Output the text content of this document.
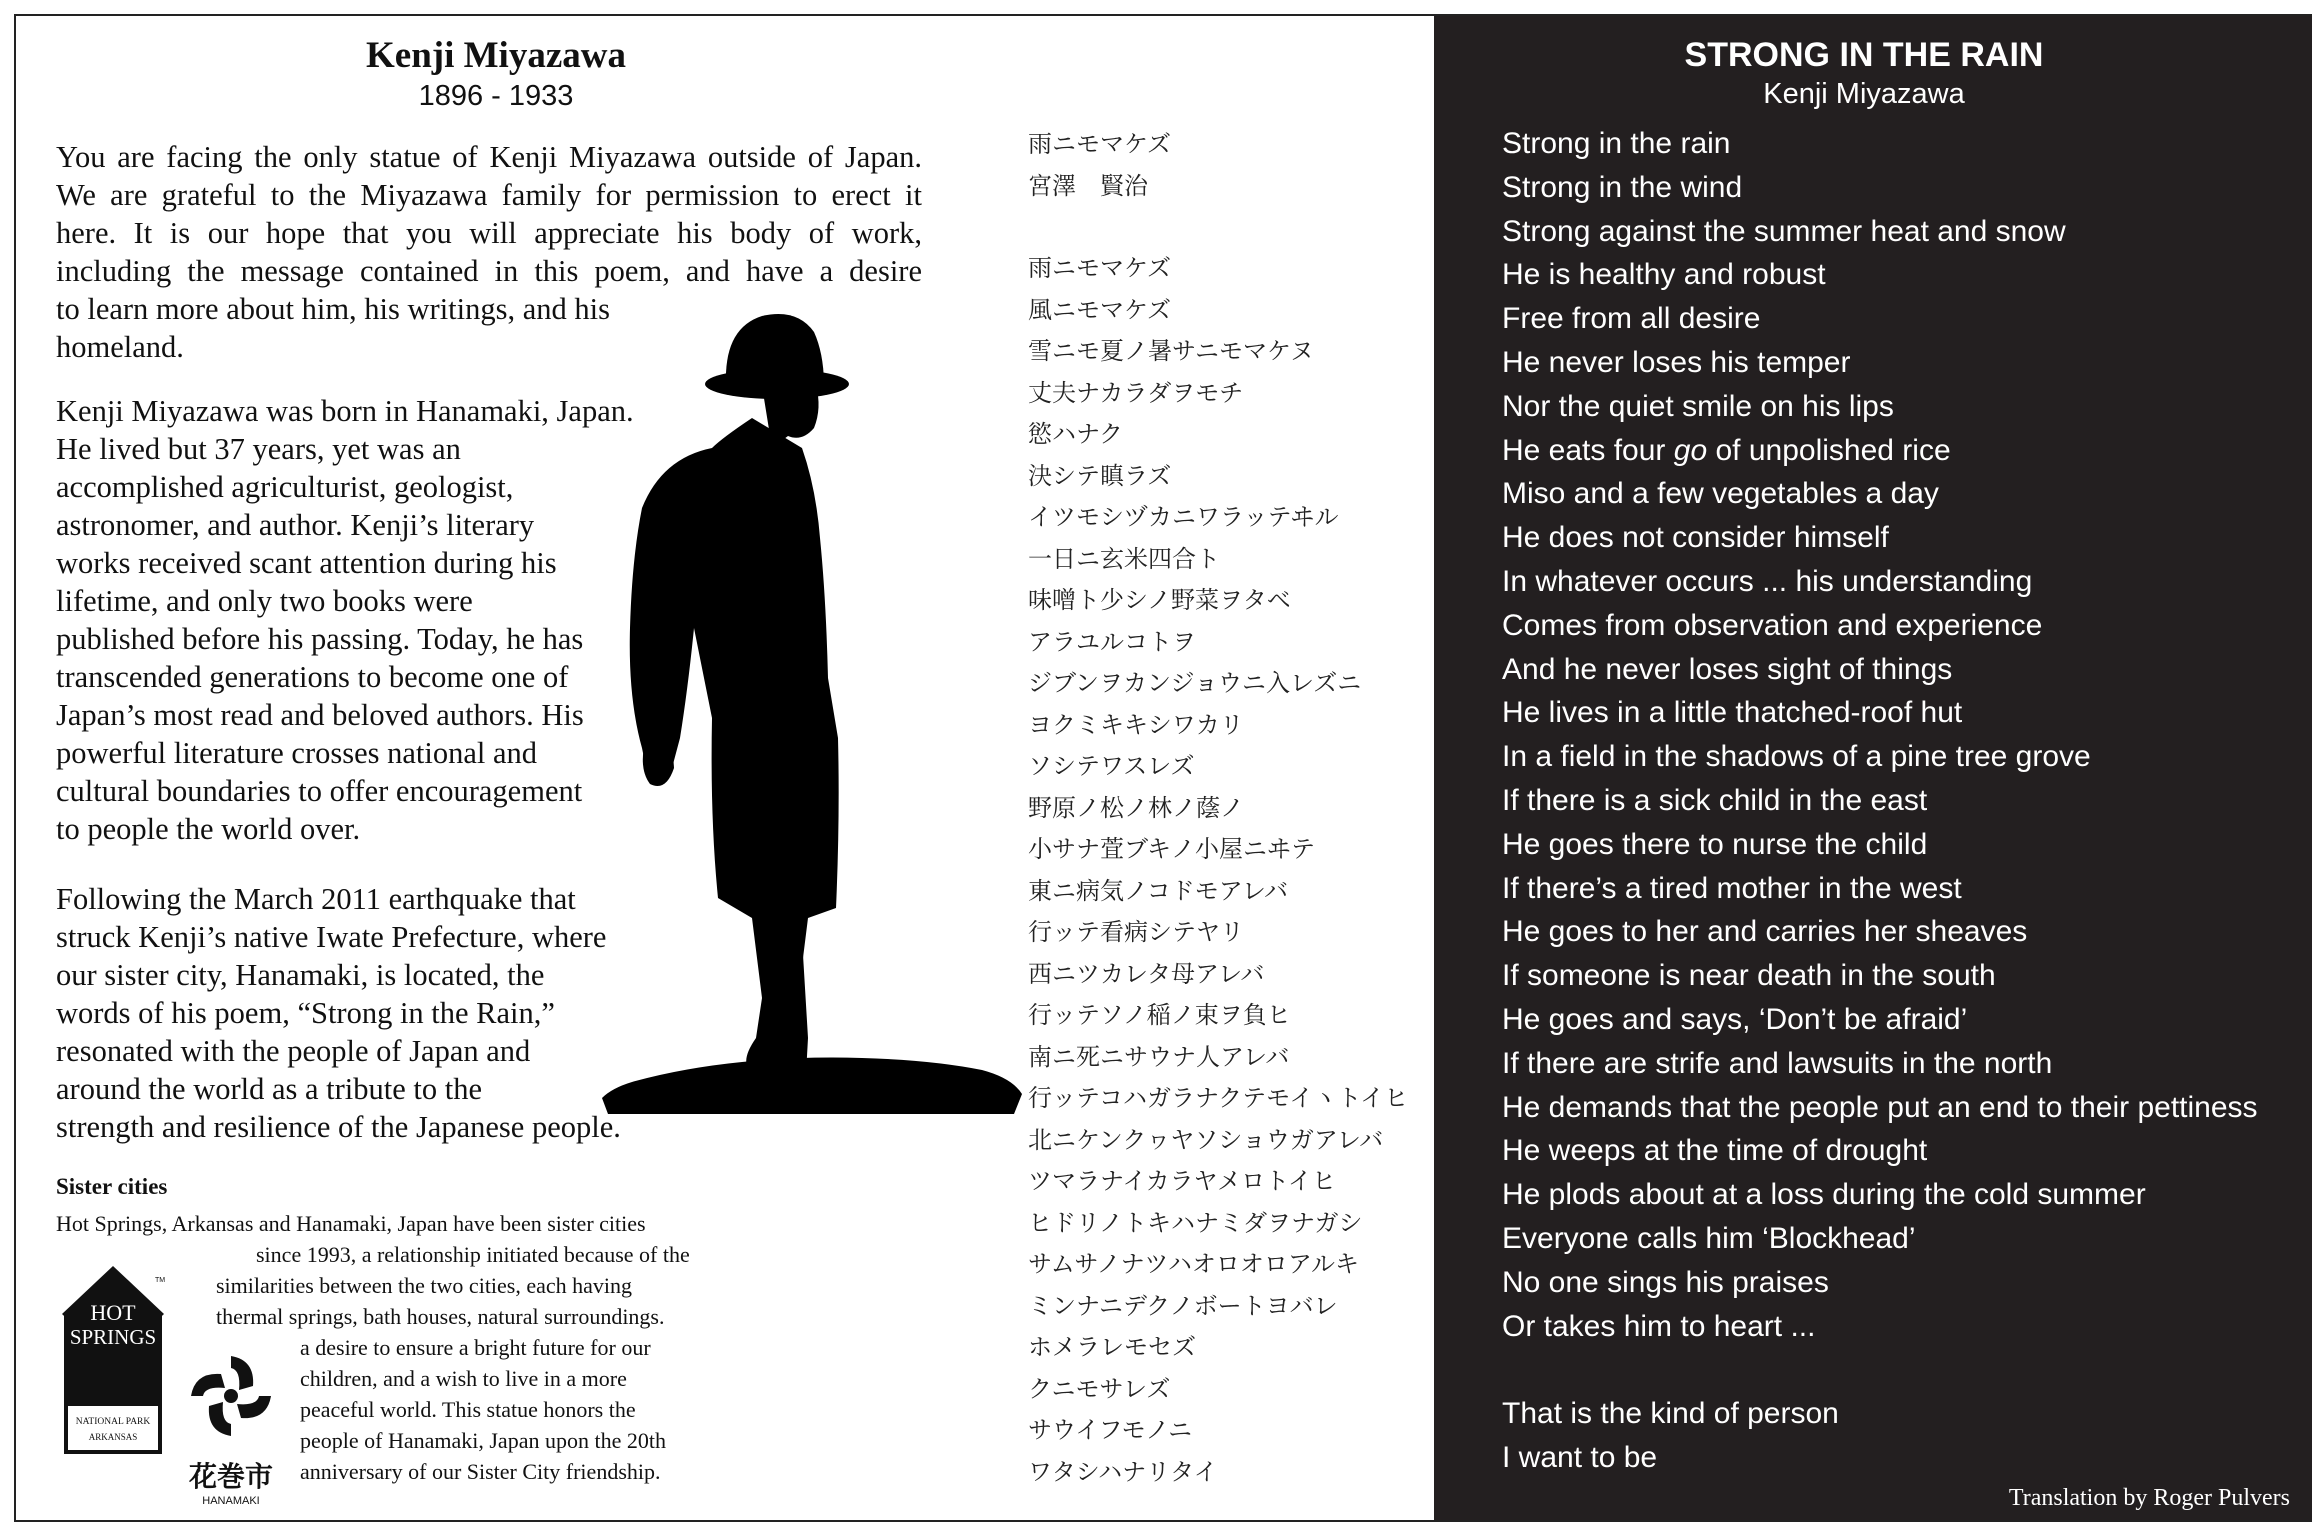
Kenji Miyazawa
1896 - 1933
You are facing the only statue of Kenji Miyazawa outside of Japan.
We are grateful to the Miyazawa family for permission to erect it
here. It is our hope that you will appreciate his body of work,
including the message contained in this poem, and have a desire
to learn more about him, his writings, and his
homeland.
Kenji Miyazawa was born in Hanamaki, Japan.
He lived but 37 years, yet was an
accomplished agriculturist, geologist,
astronomer, and author. Kenji’s literary
works received scant attention during his
lifetime, and only two books were
published before his passing. Today, he has
transcended generations to become one of
Japan’s most read and beloved authors. His
powerful literature crosses national and
cultural boundaries to offer encouragement
to people the world over.
Following the March 2011 earthquake that
struck Kenji’s native Iwate Prefecture, where
our sister city, Hanamaki, is located, the
words of his poem, “Strong in the Rain,”
resonated with the people of Japan and
around the world as a tribute to the
strength and resilience of the Japanese people.
Sister cities
Hot Springs, Arkansas and Hanamaki, Japan have been sister cities
since 1993, a relationship initiated because of the
similarities between the two cities, each having
thermal springs, bath houses, natural surroundings.
a desire to ensure a bright future for our
children, and a wish to live in a more
peaceful world. This statue honors the
people of Hanamaki, Japan upon the 20th
anniversary of our Sister City friendship.
HOT
SPRINGS
NATIONAL PARK
ARKANSAS
TM
花巻市
HANAMAKI
雨ニモマケズ
宮澤　賢治
雨ニモマケズ
風ニモマケズ
雪ニモ夏ノ暑サニモマケヌ
丈夫ナカラダヲモチ
慾ハナク
決シテ瞋ラズ
イツモシヅカニワラッテヰル
一日ニ玄米四合ト
味噌ト少シノ野菜ヲタベ
アラユルコトヲ
ジブンヲカンジョウニ入レズニ
ヨクミキキシワカリ
ソシテワスレズ
野原ノ松ノ林ノ蔭ノ
小サナ萓ブキノ小屋ニヰテ
東ニ病気ノコドモアレバ
行ッテ看病シテヤリ
西ニツカレタ母アレバ
行ッテソノ稲ノ束ヲ負ヒ
南ニ死ニサウナ人アレバ
行ッテコハガラナクテモイヽトイヒ
北ニケンクヮヤソショウガアレバ
ツマラナイカラヤメロトイヒ
ヒドリノトキハナミダヲナガシ
サムサノナツハオロオロアルキ
ミンナニデクノボートヨバレ
ホメラレモセズ
クニモサレズ
サウイフモノニ
ワタシハナリタイ
STRONG IN THE RAIN
Kenji Miyazawa
Strong in the rain
Strong in the wind
Strong against the summer heat and snow
He is healthy and robust
Free from all desire
He never loses his temper
Nor the quiet smile on his lips
He eats four go of unpolished rice
Miso and a few vegetables a day
He does not consider himself
In whatever occurs ... his understanding
Comes from observation and experience
And he never loses sight of things
He lives in a little thatched-roof hut
In a field in the shadows of a pine tree grove
If there is a sick child in the east
He goes there to nurse the child
If there’s a tired mother in the west
He goes to her and carries her sheaves
If someone is near death in the south
He goes and says, ‘Don’t be afraid’
If there are strife and lawsuits in the north
He demands that the people put an end to their pettiness
He weeps at the time of drought
He plods about at a loss during the cold summer
Everyone calls him ‘Blockhead’
No one sings his praises
Or takes him to heart ...
That is the kind of person
I want to be
Translation by Roger Pulvers
